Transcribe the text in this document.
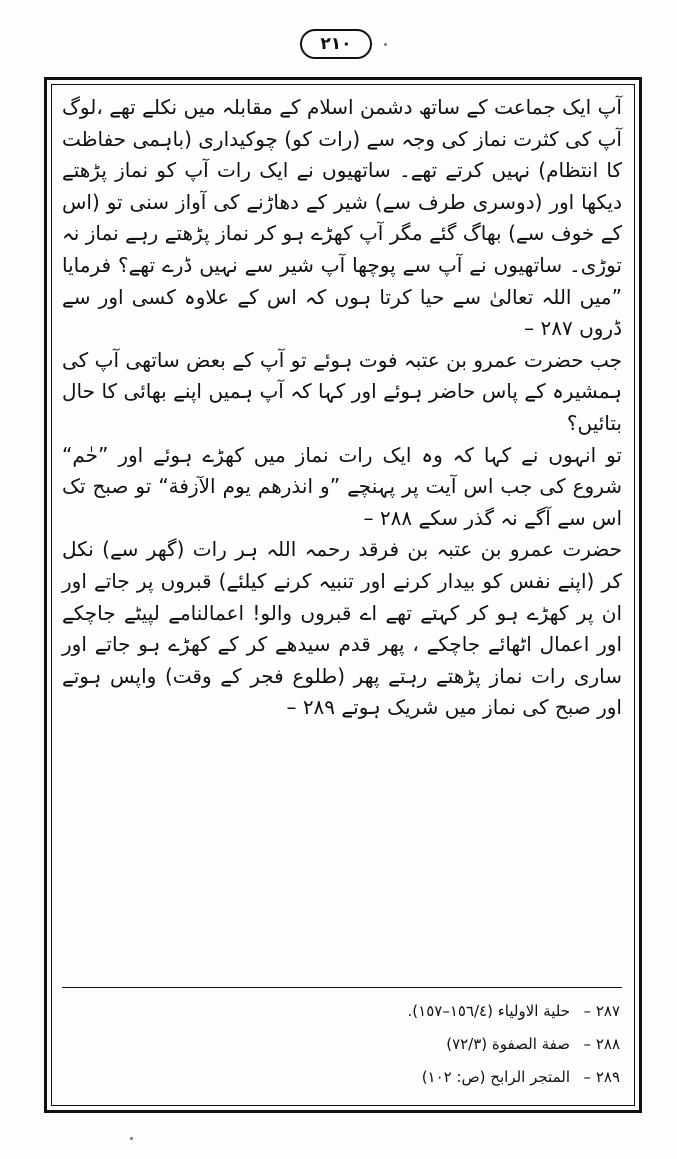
۲۱۰

آپ ایک جماعت کے ساتھ دشمن اسلام کے مقابلہ میں نکلے تھے ،لوگ آپ کی کثرت نماز کی وجہ سے (رات کو) چوکیداری (باہمی حفاظت کا انتظام) نہیں کرتے تھے۔ ساتھیوں نے ایک رات آپ کو نماز پڑھتے دیکھا اور (دوسری طرف سے) شیر کے دھاڑنے کی آواز سنی تو (اس کے خوف سے) بھاگ گئے مگر آپ کھڑے ہو کر نماز پڑھتے رہے نماز نہ توڑی۔ ساتھیوں نے آپ سے پوچھا آپ شیر سے نہیں ڈرے تھے؟ فرمایا ”میں اللہ تعالیٰ سے حیا کرتا ہوں کہ اس کے علاوہ کسی اور سے ڈروں ۲۸۷ –

جب حضرت عمرو بن عتبہ فوت ہوئے تو آپ کے بعض ساتھی آپ کی ہمشیرہ کے پاس حاضر ہوئے اور کہا کہ آپ ہمیں اپنے بھائی کا حال بتائیں؟

تو انہوں نے کہا کہ وہ ایک رات نماز میں کھڑے ہوئے اور ”حٰم“ شروع کی جب اس آیت پر پہنچے ”و انذرهم يوم الآزفة“ تو صبح تک اس سے آگے نہ گذر سکے ۲۸۸ –

حضرت عمرو بن عتبہ بن فرقد رحمہ اللہ ہر رات (گھر سے) نکل کر (اپنے نفس کو بیدار کرنے اور تنبیہ کرنے کیلئے) قبروں پر جاتے اور ان پر کھڑے ہو کر کہتے تھے اے قبروں والو! اعمالنامے لپیٹے جاچکے اور اعمال اٹھائے جاچکے ، پھر قدم سیدھے کر کے کھڑے ہو جاتے اور ساری رات نماز پڑھتے رہتے پھر (طلوع فجر کے وقت) واپس ہوتے اور صبح کی نماز میں شریک ہوتے ۲۸۹ –

۲۸۷ –
حلية الاولياء (١٥٦/٤–١٥٧).
۲۸۸ –
صفة الصفوة (٧٢/٣)
۲۸۹ –
المتجر الرابح (ص: ١٠٢)
